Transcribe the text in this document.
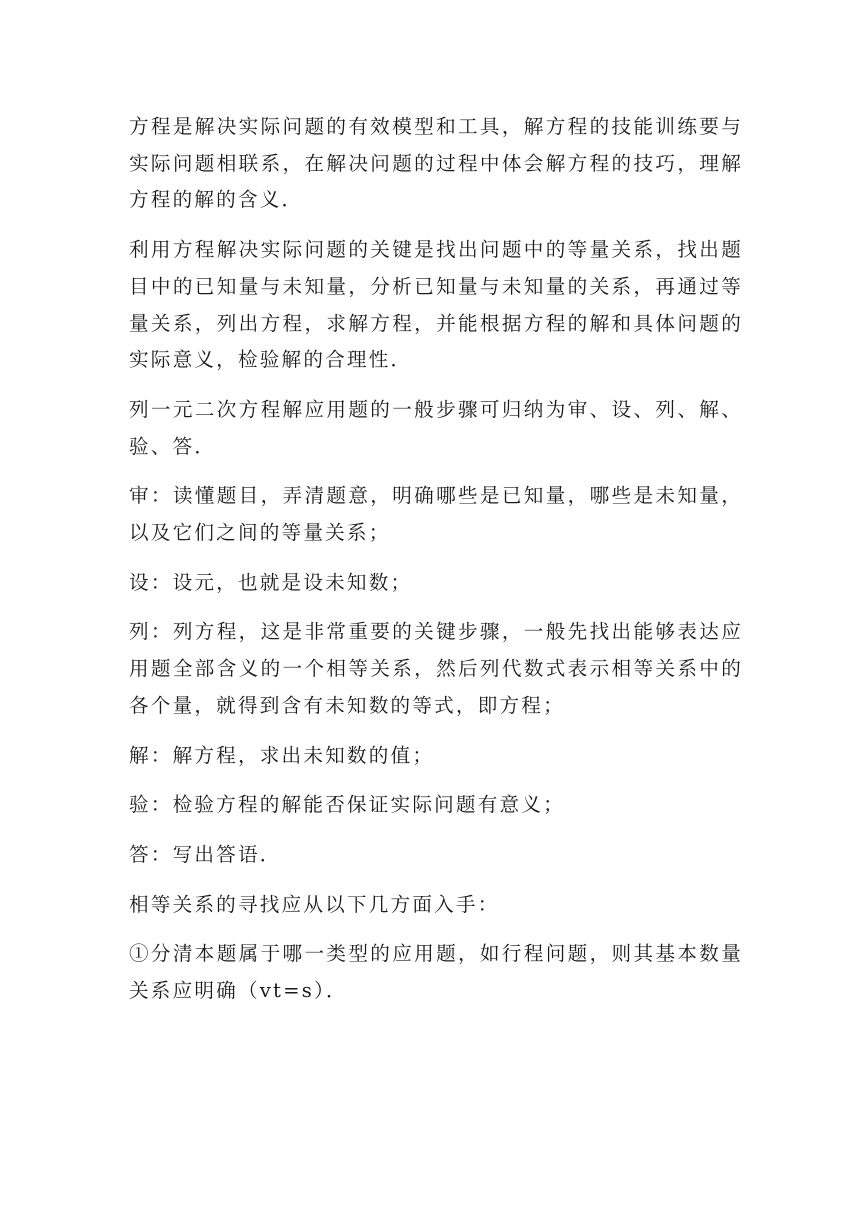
方程是解决实际问题的有效模型和工具，解方程的技能训练要与实际问题相联系，在解决问题的过程中体会解方程的技巧，理解方程的解的含义．

利用方程解决实际问题的关键是找出问题中的等量关系，找出题目中的已知量与未知量，分析已知量与未知量的关系，再通过等量关系，列出方程，求解方程，并能根据方程的解和具体问题的实际意义，检验解的合理性．

列一元二次方程解应用题的一般步骤可归纳为审、设、列、解、验、答．

审：读懂题目，弄清题意，明确哪些是已知量，哪些是未知量，以及它们之间的等量关系；

设：设元，也就是设未知数；

列：列方程，这是非常重要的关键步骤，一般先找出能够表达应用题全部含义的一个相等关系，然后列代数式表示相等关系中的各个量，就得到含有未知数的等式，即方程；

解：解方程，求出未知数的值；

验：检验方程的解能否保证实际问题有意义；

答：写出答语．

相等关系的寻找应从以下几方面入手：

①分清本题属于哪一类型的应用题，如行程问题，则其基本数量关系应明确（vt=s）．
